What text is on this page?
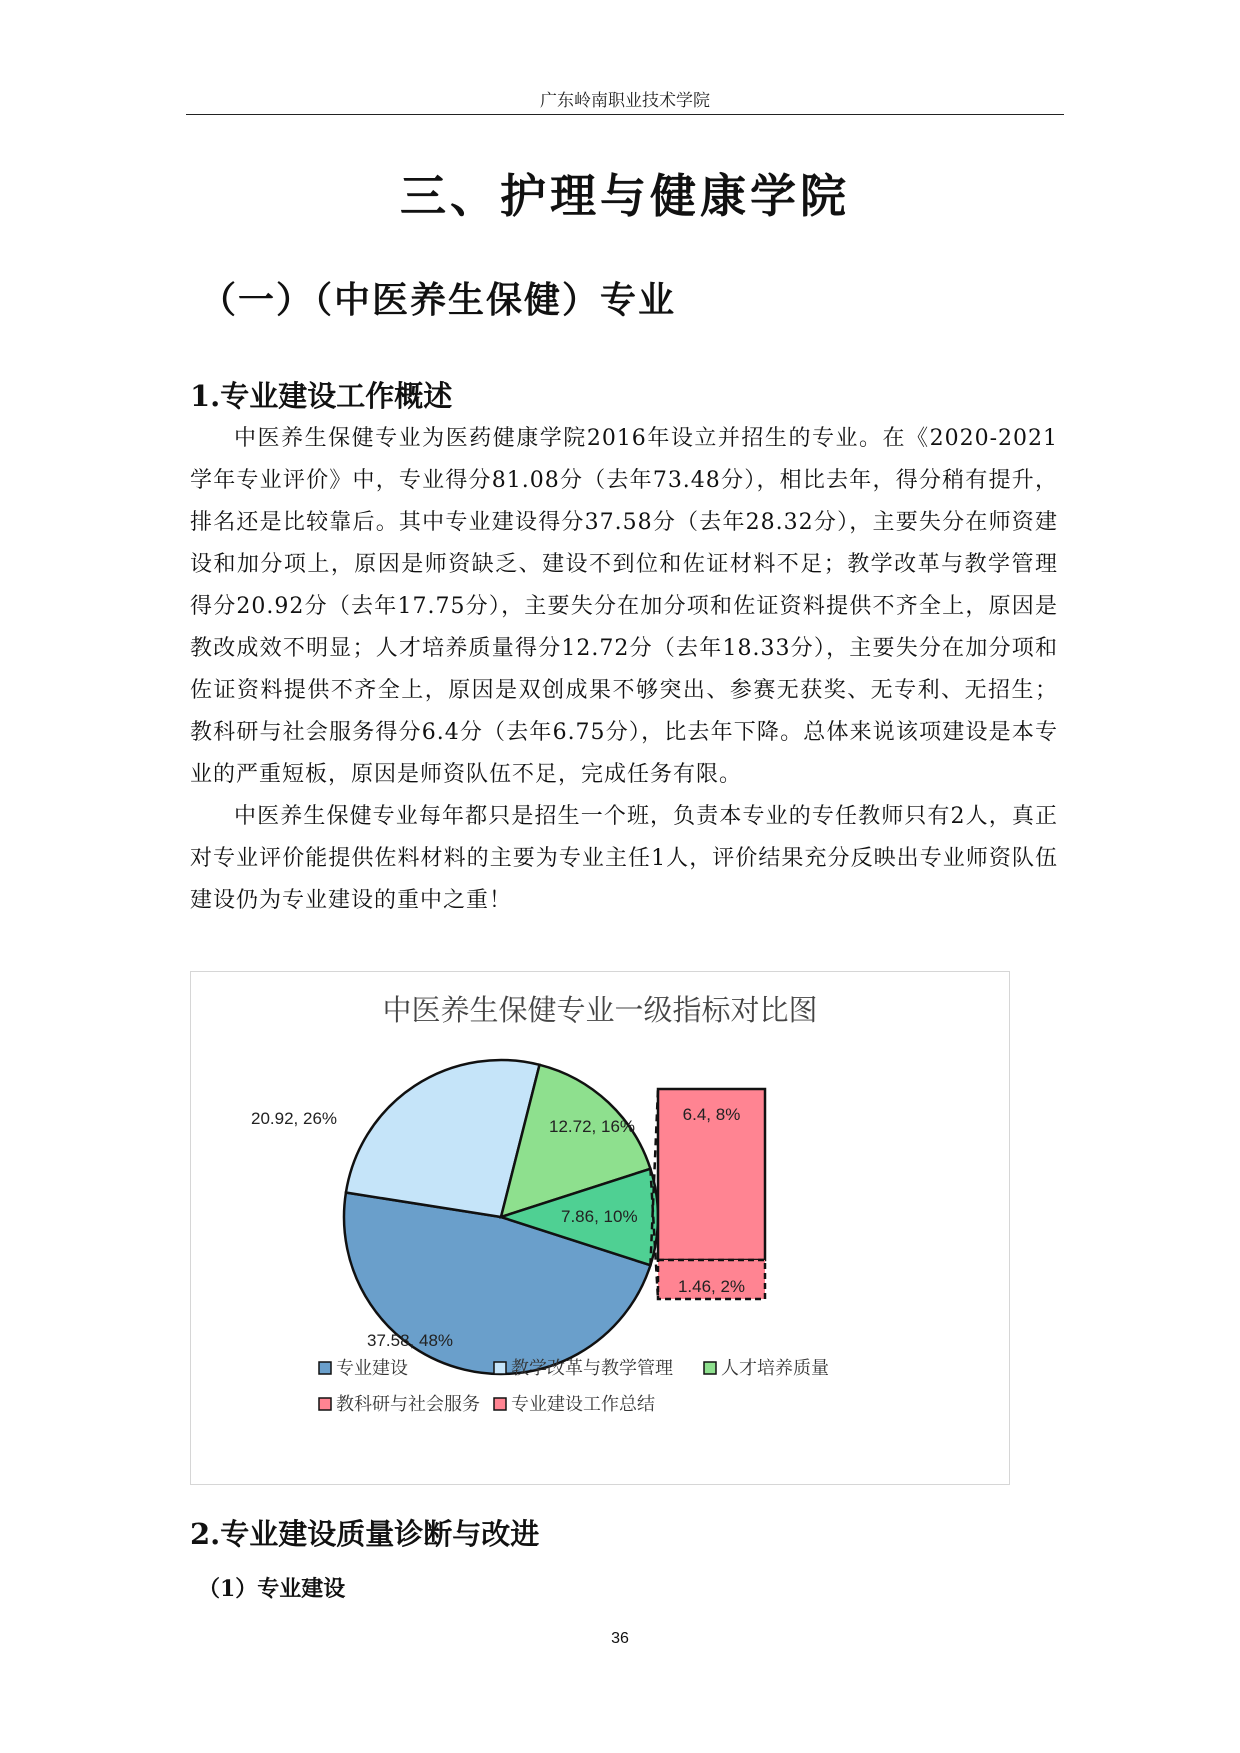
广东岭南职业技术学院
三、护理与健康学院
（一）（中医养生保健）专业
1.专业建设工作概述

中医养生保健专业为医药健康学院2016年设立并招生的专业。在《2020-2021学年专业评价》中，专业得分81.08分（去年73.48分），相比去年，得分稍有提升，排名还是比较靠后。其中专业建设得分37.58分（去年28.32分），主要失分在师资建设和加分项上，原因是师资缺乏、建设不到位和佐证材料不足；教学改革与教学管理得分20.92分（去年17.75分），主要失分在加分项和佐证资料提供不齐全上，原因是教改成效不明显；人才培养质量得分12.72分（去年18.33分），主要失分在加分项和佐证资料提供不齐全上，原因是双创成果不够突出、参赛无获奖、无专利、无招生；教科研与社会服务得分6.4分（去年6.75分），比去年下降。总体来说该项建设是本专业的严重短板，原因是师资队伍不足，完成任务有限。

中医养生保健专业每年都只是招生一个班，负责本专业的专任教师只有2人，真正对专业评价能提供佐料材料的主要为专业主任1人，评价结果充分反映出专业师资队伍建设仍为专业建设的重中之重！

中医养生保健专业一级指标对比图
37.58, 48%
20.92, 26%	12.72, 16%
7.86, 10%
6.4, 8%
1.46, 2%
专业建设	教学改革与教学管理	人才培养质量
教科研与社会服务 专业建设工作总结
2.专业建设质量诊断与改进
（1）专业建设
36
